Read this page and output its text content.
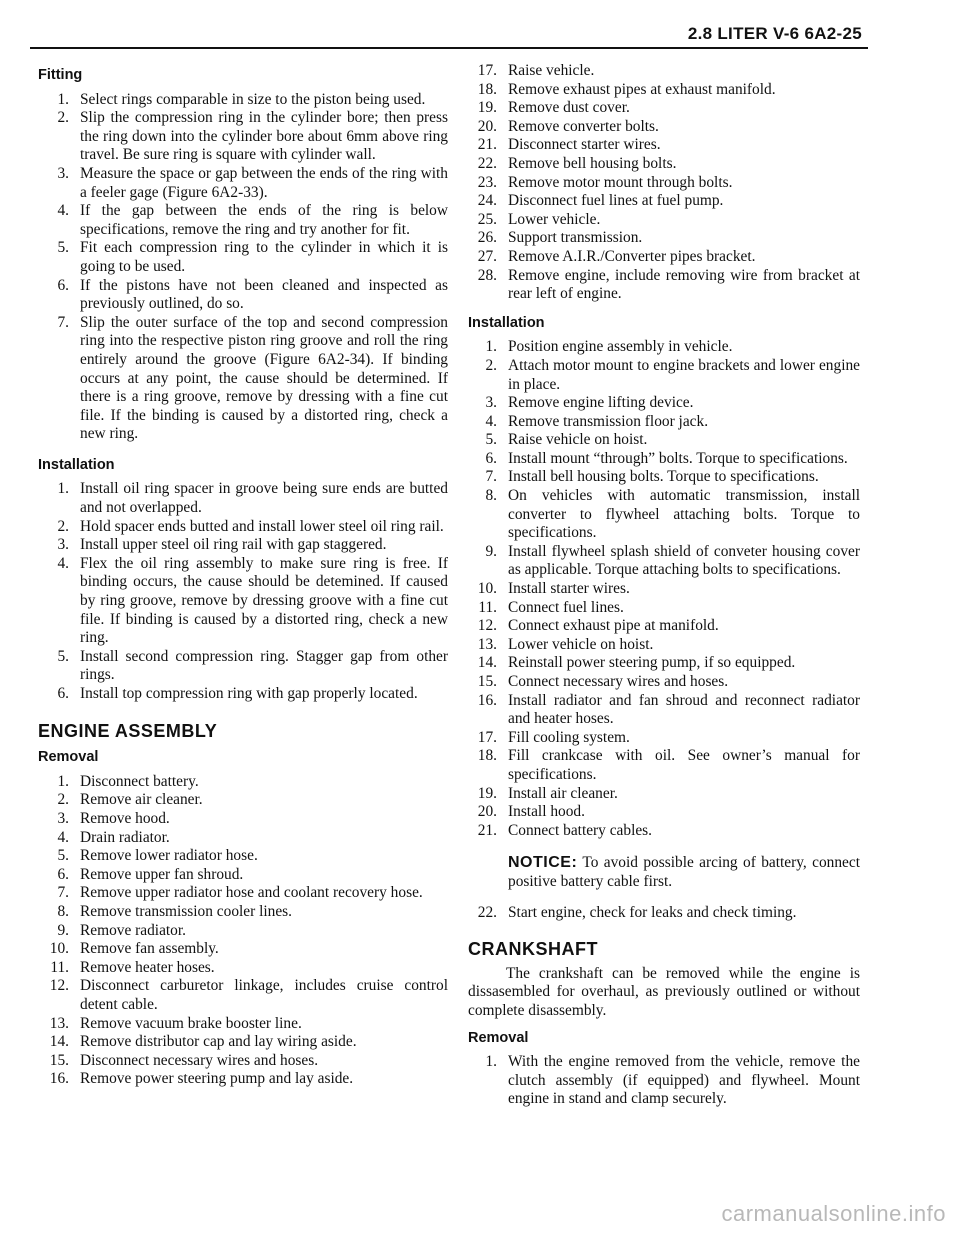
2.8 LITER V-6 6A2-25
Fitting
1. Select rings comparable in size to the piston being used.
2. Slip the compression ring in the cylinder bore; then press the ring down into the cylinder bore about 6mm above ring travel. Be sure ring is square with cylinder wall.
3. Measure the space or gap between the ends of the ring with a feeler gage (Figure 6A2-33).
4. If the gap between the ends of the ring is below specifications, remove the ring and try another for fit.
5. Fit each compression ring to the cylinder in which it is going to be used.
6. If the pistons have not been cleaned and inspected as previously outlined, do so.
7. Slip the outer surface of the top and second compression ring into the respective piston ring groove and roll the ring entirely around the groove (Figure 6A2-34). If binding occurs at any point, the cause should be determined. If there is a ring groove, remove by dressing with a fine cut file. If the binding is caused by a distorted ring, check a new ring.
Installation
1. Install oil ring spacer in groove being sure ends are butted and not overlapped.
2. Hold spacer ends butted and install lower steel oil ring rail.
3. Install upper steel oil ring rail with gap staggered.
4. Flex the oil ring assembly to make sure ring is free. If binding occurs, the cause should be detemined. If caused by ring groove, remove by dressing groove with a fine cut file. If binding is caused by a distorted ring, check a new ring.
5. Install second compression ring. Stagger gap from other rings.
6. Install top compression ring with gap properly located.
ENGINE ASSEMBLY
Removal
1. Disconnect battery.
2. Remove air cleaner.
3. Remove hood.
4. Drain radiator.
5. Remove lower radiator hose.
6. Remove upper fan shroud.
7. Remove upper radiator hose and coolant recovery hose.
8. Remove transmission cooler lines.
9. Remove radiator.
10. Remove fan assembly.
11. Remove heater hoses.
12. Disconnect carburetor linkage, includes cruise control detent cable.
13. Remove vacuum brake booster line.
14. Remove distributor cap and lay wiring aside.
15. Disconnect necessary wires and hoses.
16. Remove power steering pump and lay aside.
17. Raise vehicle.
18. Remove exhaust pipes at exhaust manifold.
19. Remove dust cover.
20. Remove converter bolts.
21. Disconnect starter wires.
22. Remove bell housing bolts.
23. Remove motor mount through bolts.
24. Disconnect fuel lines at fuel pump.
25. Lower vehicle.
26. Support transmission.
27. Remove A.I.R./Converter pipes bracket.
28. Remove engine, include removing wire from bracket at rear left of engine.
Installation
1. Position engine assembly in vehicle.
2. Attach motor mount to engine brackets and lower engine in place.
3. Remove engine lifting device.
4. Remove transmission floor jack.
5. Raise vehicle on hoist.
6. Install mount “through” bolts. Torque to specifications.
7. Install bell housing bolts. Torque to specifications.
8. On vehicles with automatic transmission, install converter to flywheel attaching bolts. Torque to specifications.
9. Install flywheel splash shield of conveter housing cover as applicable. Torque attaching bolts to specifications.
10. Install starter wires.
11. Connect fuel lines.
12. Connect exhaust pipe at manifold.
13. Lower vehicle on hoist.
14. Reinstall power steering pump, if so equipped.
15. Connect necessary wires and hoses.
16. Install radiator and fan shroud and reconnect radiator and heater hoses.
17. Fill cooling system.
18. Fill crankcase with oil. See owner’s manual for specifications.
19. Install air cleaner.
20. Install hood.
21. Connect battery cables.
NOTICE: To avoid possible arcing of battery, connect positive battery cable first.
22. Start engine, check for leaks and check timing.
CRANKSHAFT

The crankshaft can be removed while the engine is dissasembled for overhaul, as previously outlined or without complete disassembly.

Removal
1. With the engine removed from the vehicle, remove the clutch assembly (if equipped) and flywheel. Mount engine in stand and clamp securely.
carmanualsonline.info
